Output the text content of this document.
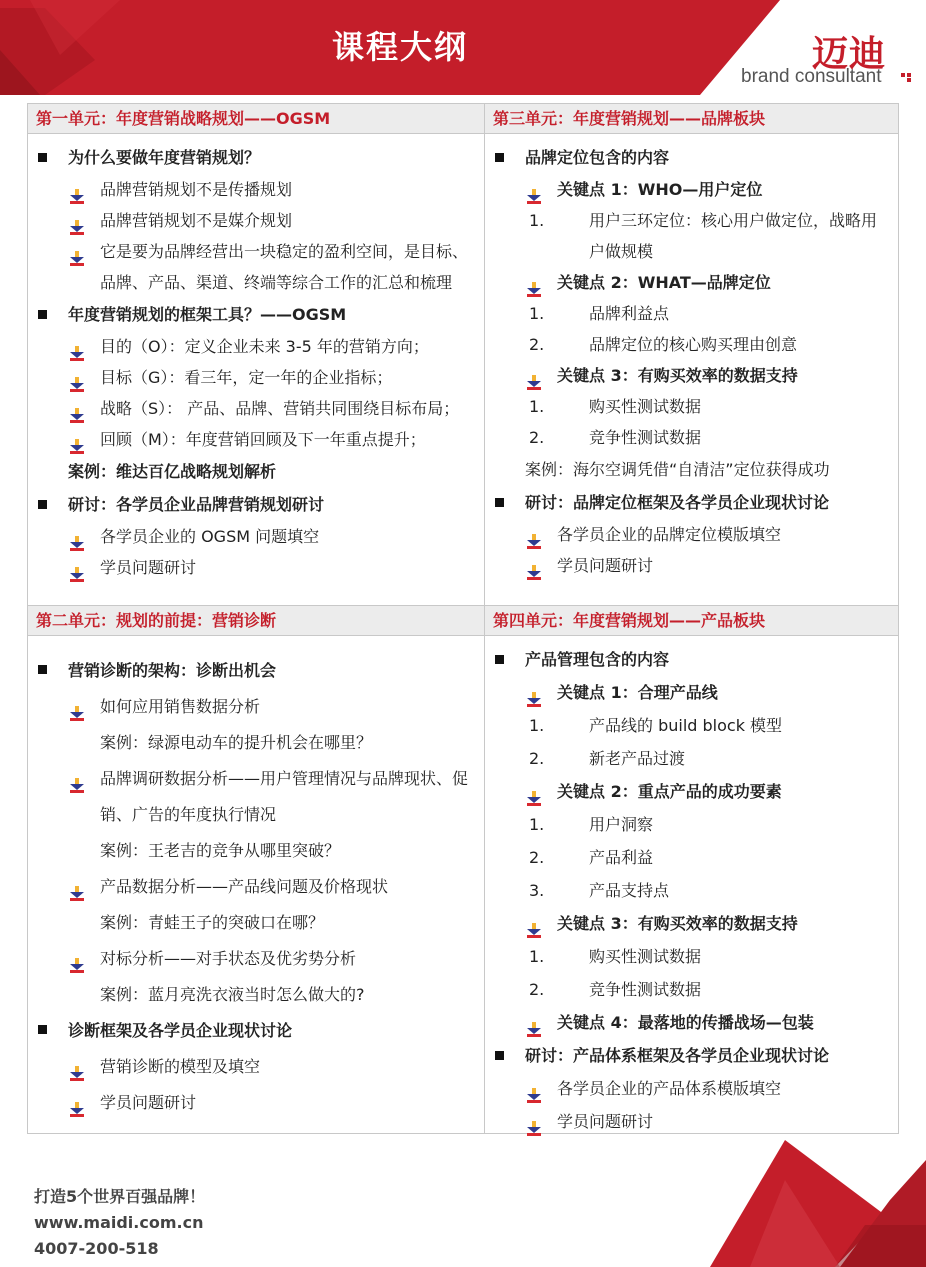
课程大纲	迈迪
brand consultant
第一单元：年度营销战略规划——OGSM
为什么要做年度营销规划？
品牌营销规划不是传播规划
品牌营销规划不是媒介规划
它是要为品牌经营出一块稳定的盈利空间，是目标、品牌、产品、渠道、终端等综合工作的汇总和梳理
年度营销规划的框架工具？——OGSM
目的（O）：定义企业未来 3-5 年的营销方向；
目标（G）：看三年，定一年的企业指标；
战略（S）： 产品、品牌、营销共同围绕目标布局；
回顾（M）：年度营销回顾及下一年重点提升；
案例：维达百亿战略规划解析
研讨：各学员企业品牌营销规划研讨
各学员企业的 OGSM 问题填空
学员问题研讨
第三单元：年度营销规划——品牌板块
品牌定位包含的内容
关键点 1：WHO—用户定位
1.	用户三环定位：核心用户做定位，战略用户做规模
关键点 2：WHAT—品牌定位
1.	品牌利益点
2.	品牌定位的核心购买理由创意
关键点 3：有购买效率的数据支持
1.	购买性测试数据
2.	竞争性测试数据
案例：海尔空调凭借“自清洁”定位获得成功
研讨：品牌定位框架及各学员企业现状讨论
各学员企业的品牌定位模版填空
学员问题研讨
第二单元：规划的前提：营销诊断
营销诊断的架构：诊断出机会
如何应用销售数据分析
案例：绿源电动车的提升机会在哪里？
品牌调研数据分析——用户管理情况与品牌现状、促销、广告的年度执行情况
案例：王老吉的竞争从哪里突破？
产品数据分析——产品线问题及价格现状
案例：青蛙王子的突破口在哪？
对标分析——对手状态及优劣势分析
案例：蓝月亮洗衣液当时怎么做大的?
诊断框架及各学员企业现状讨论
营销诊断的模型及填空
学员问题研讨
第四单元：年度营销规划——产品板块
产品管理包含的内容
关键点 1：合理产品线
1.	产品线的 build block 模型
2.	新老产品过渡
关键点 2：重点产品的成功要素
1.	用户洞察
2.	产品利益
3.	产品支持点
关键点 3：有购买效率的数据支持
1.	购买性测试数据
2.	竞争性测试数据
关键点 4：最落地的传播战场—包装
研讨：产品体系框架及各学员企业现状讨论
各学员企业的产品体系模版填空
学员问题研讨
打造5个世界百强品牌！
www.maidi.com.cn
4007-200-518
